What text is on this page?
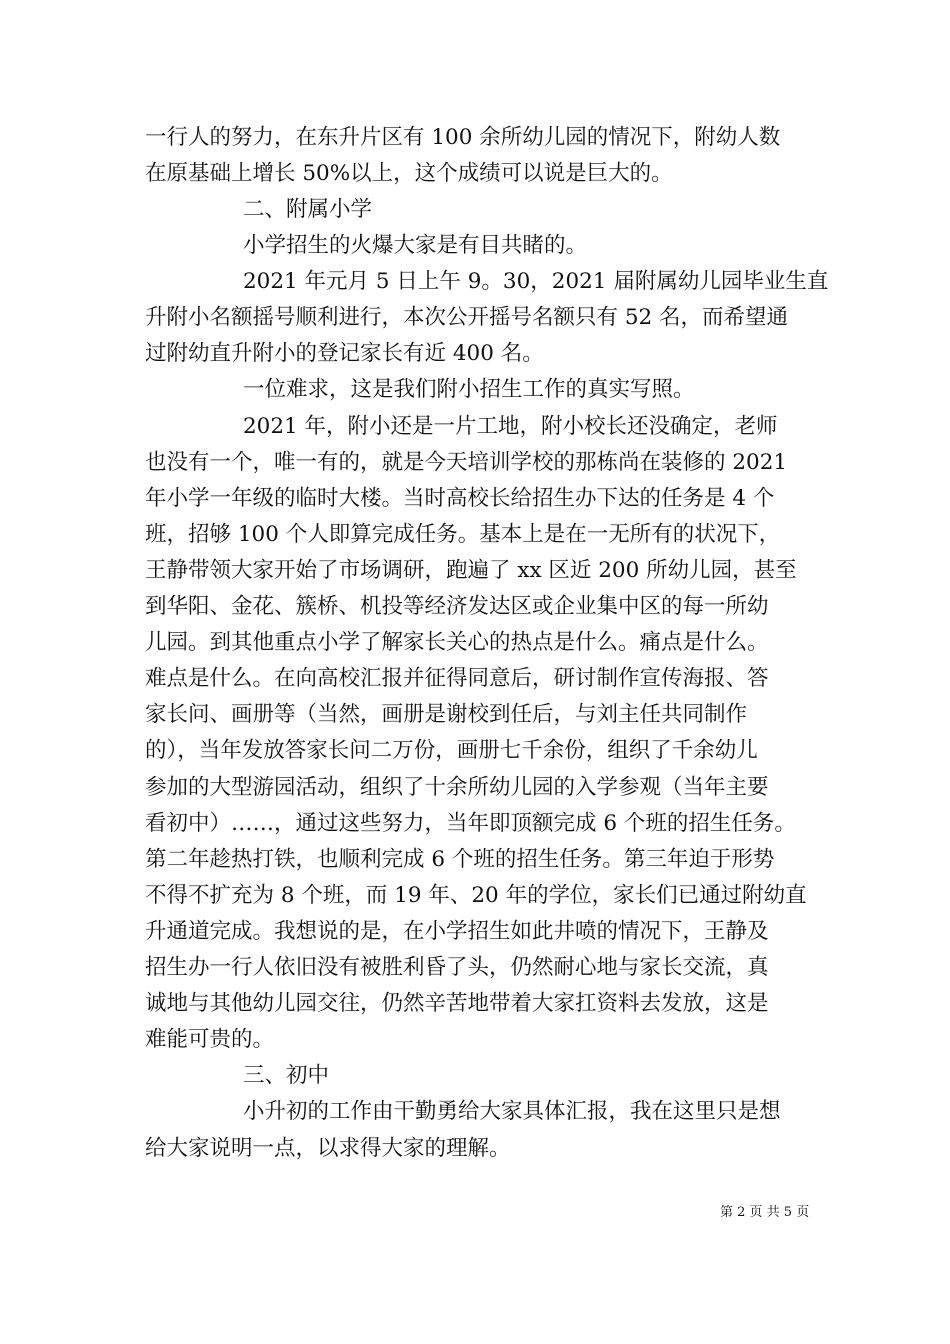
一行人的努力，在东升片区有 100 余所幼儿园的情况下，附幼人数
在原基础上增长 50%以上，这个成绩可以说是巨大的。
二、附属小学
小学招生的火爆大家是有目共睹的。
2021 年元月 5 日上午 9。30，2021 届附属幼儿园毕业生直
升附小名额摇号顺利进行，本次公开摇号名额只有 52 名，而希望通
过附幼直升附小的登记家长有近 400 名。
一位难求，这是我们附小招生工作的真实写照。
2021 年，附小还是一片工地，附小校长还没确定，老师
也没有一个，唯一有的，就是今天培训学校的那栋尚在装修的 2021
年小学一年级的临时大楼。当时高校长给招生办下达的任务是 4 个
班，招够 100 个人即算完成任务。基本上是在一无所有的状况下，
王静带领大家开始了市场调研，跑遍了 xx 区近 200 所幼儿园，甚至
到华阳、金花、簇桥、机投等经济发达区或企业集中区的每一所幼
儿园。到其他重点小学了解家长关心的热点是什么。痛点是什么。
难点是什么。在向高校汇报并征得同意后，研讨制作宣传海报、答
家长问、画册等（当然，画册是谢校到任后，与刘主任共同制作
的），当年发放答家长问二万份，画册七千余份，组织了千余幼儿
参加的大型游园活动，组织了十余所幼儿园的入学参观（当年主要
看初中）……，通过这些努力，当年即顶额完成 6 个班的招生任务。
第二年趁热打铁，也顺利完成 6 个班的招生任务。第三年迫于形势
不得不扩充为 8 个班，而 19 年、20 年的学位，家长们已通过附幼直
升通道完成。我想说的是，在小学招生如此井喷的情况下，王静及
招生办一行人依旧没有被胜利昏了头，仍然耐心地与家长交流，真
诚地与其他幼儿园交往，仍然辛苦地带着大家扛资料去发放，这是
难能可贵的。
三、初中
小升初的工作由干勤勇给大家具体汇报，我在这里只是想
给大家说明一点，以求得大家的理解。
第 2 页 共 5 页
